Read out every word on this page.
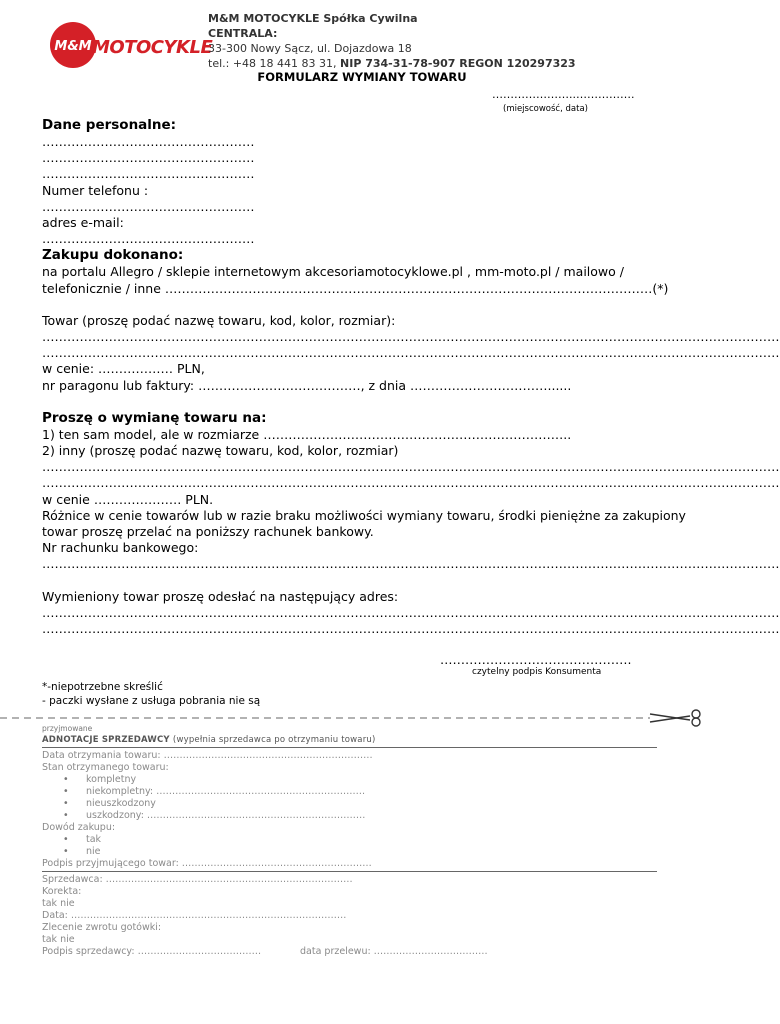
M&M MOTOCYKLE
M&M MOTOCYKLE Spółka Cywilna
CENTRALA:
33-300 Nowy Sącz, ul. Dojazdowa 18
tel.: +48 18 441 83 31, NIP 734-31-78-907 REGON 120297323
FORMULARZ WYMIANY TOWARU
…………………..…………….
(miejscowość, data)
Dane personalne:
……………………………………………
……………………………………………
……………………………………………
Numer telefonu :
……………………………………………
adres e-mail:
……………………………………………
Zakupu dokonano:
na portalu Allegro / sklepie internetowym akcesoriamotocyklowe.pl , mm-moto.pl / mailowo /
telefonicznie / inne ………………………………………………………………………………………………………(*)
Towar (proszę podać nazwę towaru, kod, kolor, rozmiar):
……………………………………………………………………………………………………………………………………………………………
……………………………………………………………………………………………………………………………………………………………
w cenie: ……………… PLN,
nr paragonu lub faktury: …………………………………, z dnia ……………………………......
Proszę o wymianę towaru na:
1) ten sam model, ale w rozmiarze ………………………………………………………………..
2) inny (proszę podać nazwę towaru, kod, kolor, rozmiar)
……………………………………………………………………………………………………………………………………………………………
……………………………………………………………………………………………………………………………………………………………
w cenie ………………… PLN.
Różnice w cenie towarów lub w razie braku możliwości wymiany towaru, środki pieniężne za zakupiony
towar proszę przelać na poniższy rachunek bankowy.
Nr rachunku bankowego:
……………………………………………………………………………………………………………………………………………………………
Wymieniony towar proszę odesłać na następujący adres:
……………………………………………………………………………………………………………………………………………………………
……………………………………………………………………………………………………………………………………………………………
……………………………………….
czytelny podpis Konsumenta
*-niepotrzebne skreślić
- paczki wysłane z usługa pobrania nie są
przyjmowane
ADNOTACJE SPRZEDAWCY (wypełnia sprzedawca po otrzymaniu towaru)
Data otrzymania towaru: …………………………………………………………
Stan otrzymanego towaru:
• kompletny
• niekompletny: …………………………………………………………
• nieuszkodzony
• uszkodzony: ……………………………………………………………
Dowód zakupu:
• tak
• nie
Podpis przyjmującego towar: ……………………………………………………
Sprzedawca: ……………………………………………………………………
Korekta:
tak nie
Data: ……………………………………………………………………………
Zlecenie zwrotu gotówki:
tak nie
Podpis sprzedawcy: …………………………………	data przelewu: ………………………………
